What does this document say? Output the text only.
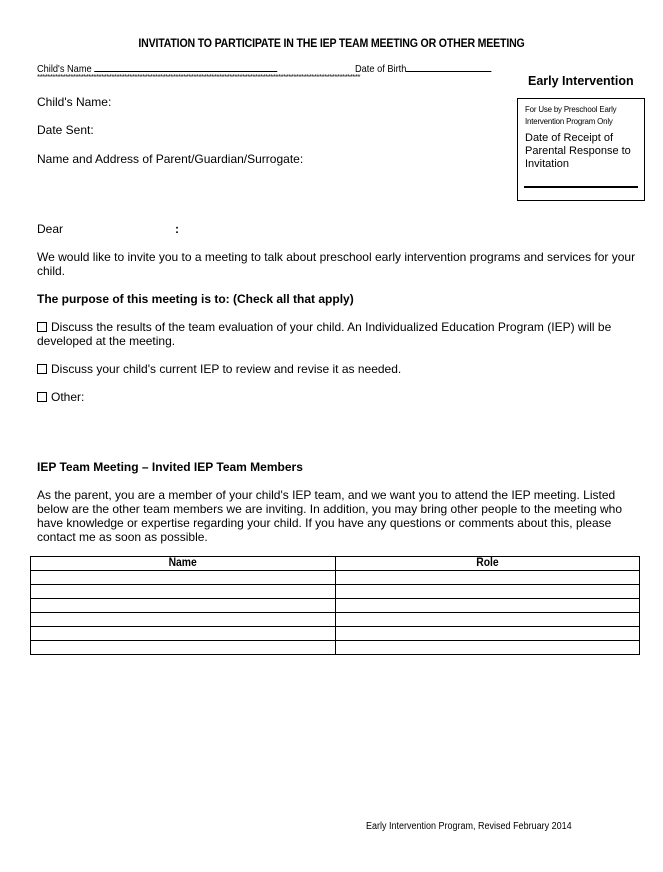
INVITATION TO PARTICIPATE IN THE IEP TEAM MEETING OR OTHER MEETING
Child's Name	Date of Birth
******************************************************************************************************************************	Early Intervention
For Use by Preschool Early Intervention Program Only
Date of Receipt of Parental Response to Invitation
Child's Name:
Date Sent:
Name and Address of Parent/Guardian/Surrogate:
Dear	:
We would like to invite you to a meeting to talk about preschool early intervention programs and services for your child.
The purpose of this meeting is to: (Check all that apply)
Discuss the results of the team evaluation of your child. An Individualized Education Program (IEP) will be developed at the meeting.
Discuss your child's current IEP to review and revise it as needed.
Other:
IEP Team Meeting – Invited IEP Team Members
As the parent, you are a member of your child's IEP team, and we want you to attend the IEP meeting. Listed below are the other team members we are inviting. In addition, you may bring other people to the meeting who have knowledge or expertise regarding your child. If you have any questions or comments about this, please contact me as soon as possible.
Name	Role

Early Intervention Program, Revised February 2014
